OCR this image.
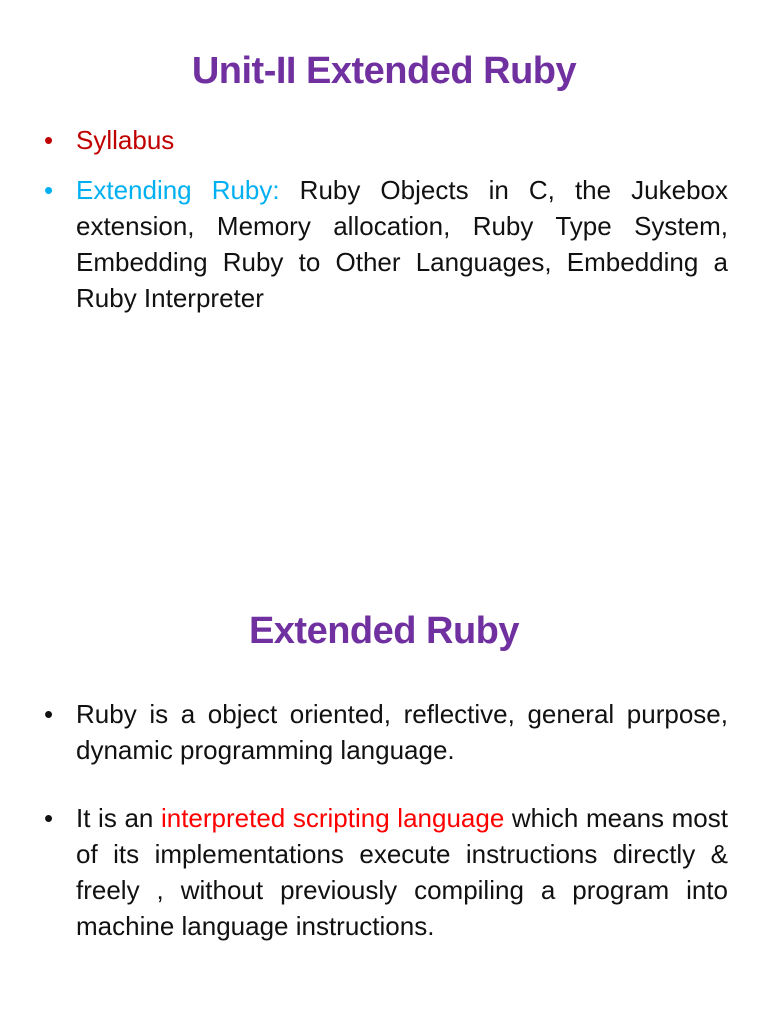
Unit-II Extended Ruby
• Syllabus
• Extending Ruby: Ruby Objects in C, the Jukebox extension, Memory allocation, Ruby Type System, Embedding Ruby to Other Languages, Embedding a Ruby Interpreter
Extended Ruby
• Ruby is a object oriented, reflective, general purpose, dynamic programming language.
• It is an interpreted scripting language which means most of its implementations execute instructions directly & freely , without previously compiling a program into machine language instructions.
